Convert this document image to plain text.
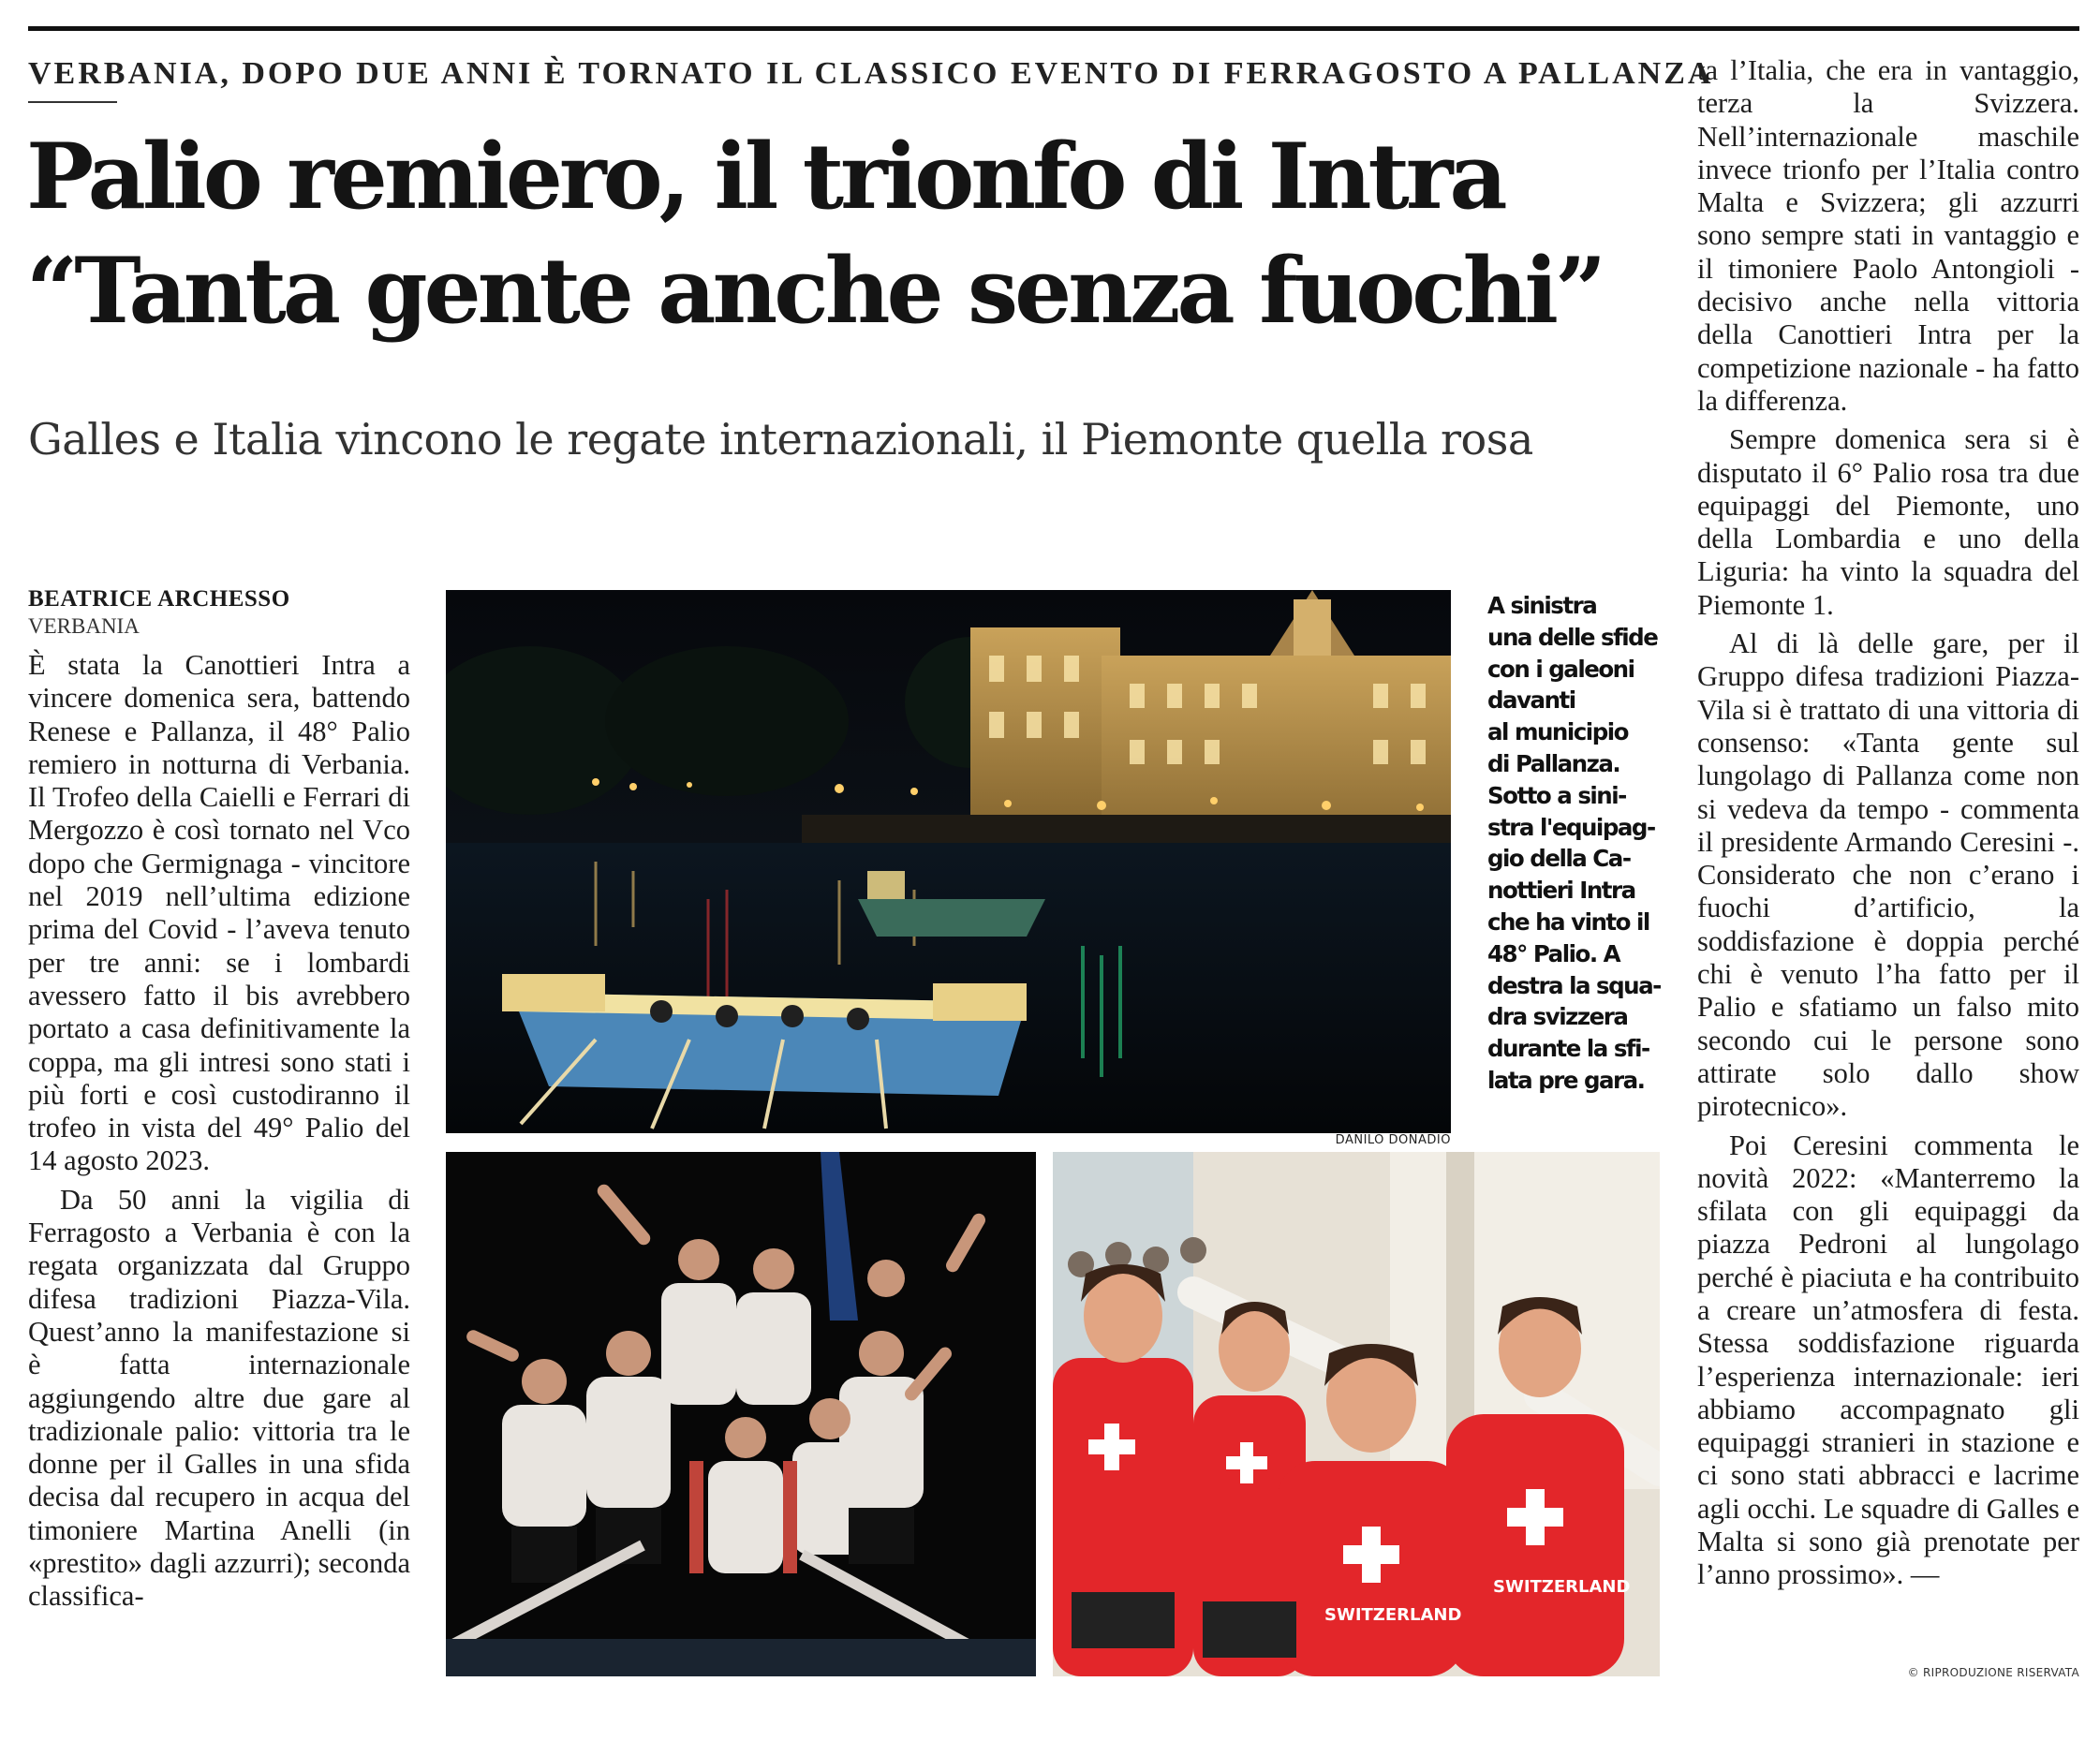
VERBANIA, DOPO DUE ANNI È TORNATO IL CLASSICO EVENTO DI FERRAGOSTO A PALLANZA
Palio remiero, il trionfo di Intra
“Tanta gente anche senza fuochi”
Galles e Italia vincono le regate internazionali, il Piemonte quella rosa
BEATRICE ARCHESSO
VERBANIA

È stata la Canottieri Intra a vincere domenica sera, battendo Renese e Pallanza, il 48° Palio remiero in notturna di Verbania. Il Trofeo della Caielli e Ferrari di Mergozzo è così tornato nel Vco dopo che Germignaga - vincitore nel 2019 nell’ultima edizione prima del Covid - l’aveva tenuto per tre anni: se i lombardi avessero fatto il bis avrebbero portato a casa definitivamente la coppa, ma gli intresi sono stati i più forti e così custodiranno il trofeo in vista del 49° Palio del 14 agosto 2023.

Da 50 anni la vigilia di Ferragosto a Verbania è con la regata organizzata dal Gruppo difesa tradizioni Piazza-Vila. Quest’anno la manifestazione si è fatta internazionale aggiungendo altre due gare al tradizionale palio: vittoria tra le donne per il Galles in una sfida decisa dal recupero in acqua del timoniere Martina Anelli (in «prestito» dagli azzurri); seconda classifica-

DANILO DONADIO
A sinistra
una delle sfide
con i galeoni
davanti
al municipio
di Pallanza.
Sotto a sini-
stra l'equipag-
gio della Ca-
nottieri Intra
che ha vinto il
48° Palio. A
destra la squa-
dra svizzera
durante la sfi-
lata pre gara.
SWITZERLAND
SWITZERLAND

ta l’Italia, che era in vantaggio, terza la Svizzera. Nell’internazionale maschile invece trionfo per l’Italia contro Malta e Svizzera; gli azzurri sono sempre stati in vantaggio e il timoniere Paolo Antongioli - decisivo anche nella vittoria della Canottieri Intra per la competizione nazionale - ha fatto la differenza.

Sempre domenica sera si è disputato il 6° Palio rosa tra due equipaggi del Piemonte, uno della Lombardia e uno della Liguria: ha vinto la squadra del Piemonte 1.

Al di là delle gare, per il Gruppo difesa tradizioni Piazza-Vila si è trattato di una vittoria di consenso: «Tanta gente sul lungolago di Pallanza come non si vedeva da tempo - commenta il presidente Armando Ceresini -. Considerato che non c’erano i fuochi d’artificio, la soddisfazione è doppia perché chi è venuto l’ha fatto per il Palio e sfatiamo un falso mito secondo cui le persone sono attirate solo dallo show pirotecnico».

Poi Ceresini commenta le novità 2022: «Manterremo la sfilata con gli equipaggi da piazza Pedroni al lungolago perché è piaciuta e ha contribuito a creare un’atmosfera di festa. Stessa soddisfazione riguarda l’esperienza internazionale: ieri abbiamo accompagnato gli equipaggi stranieri in stazione e ci sono stati abbracci e lacrime agli occhi. Le squadre di Galles e Malta si sono già prenotate per l’anno prossimo». —

© RIPRODUZIONE RISERVATA
